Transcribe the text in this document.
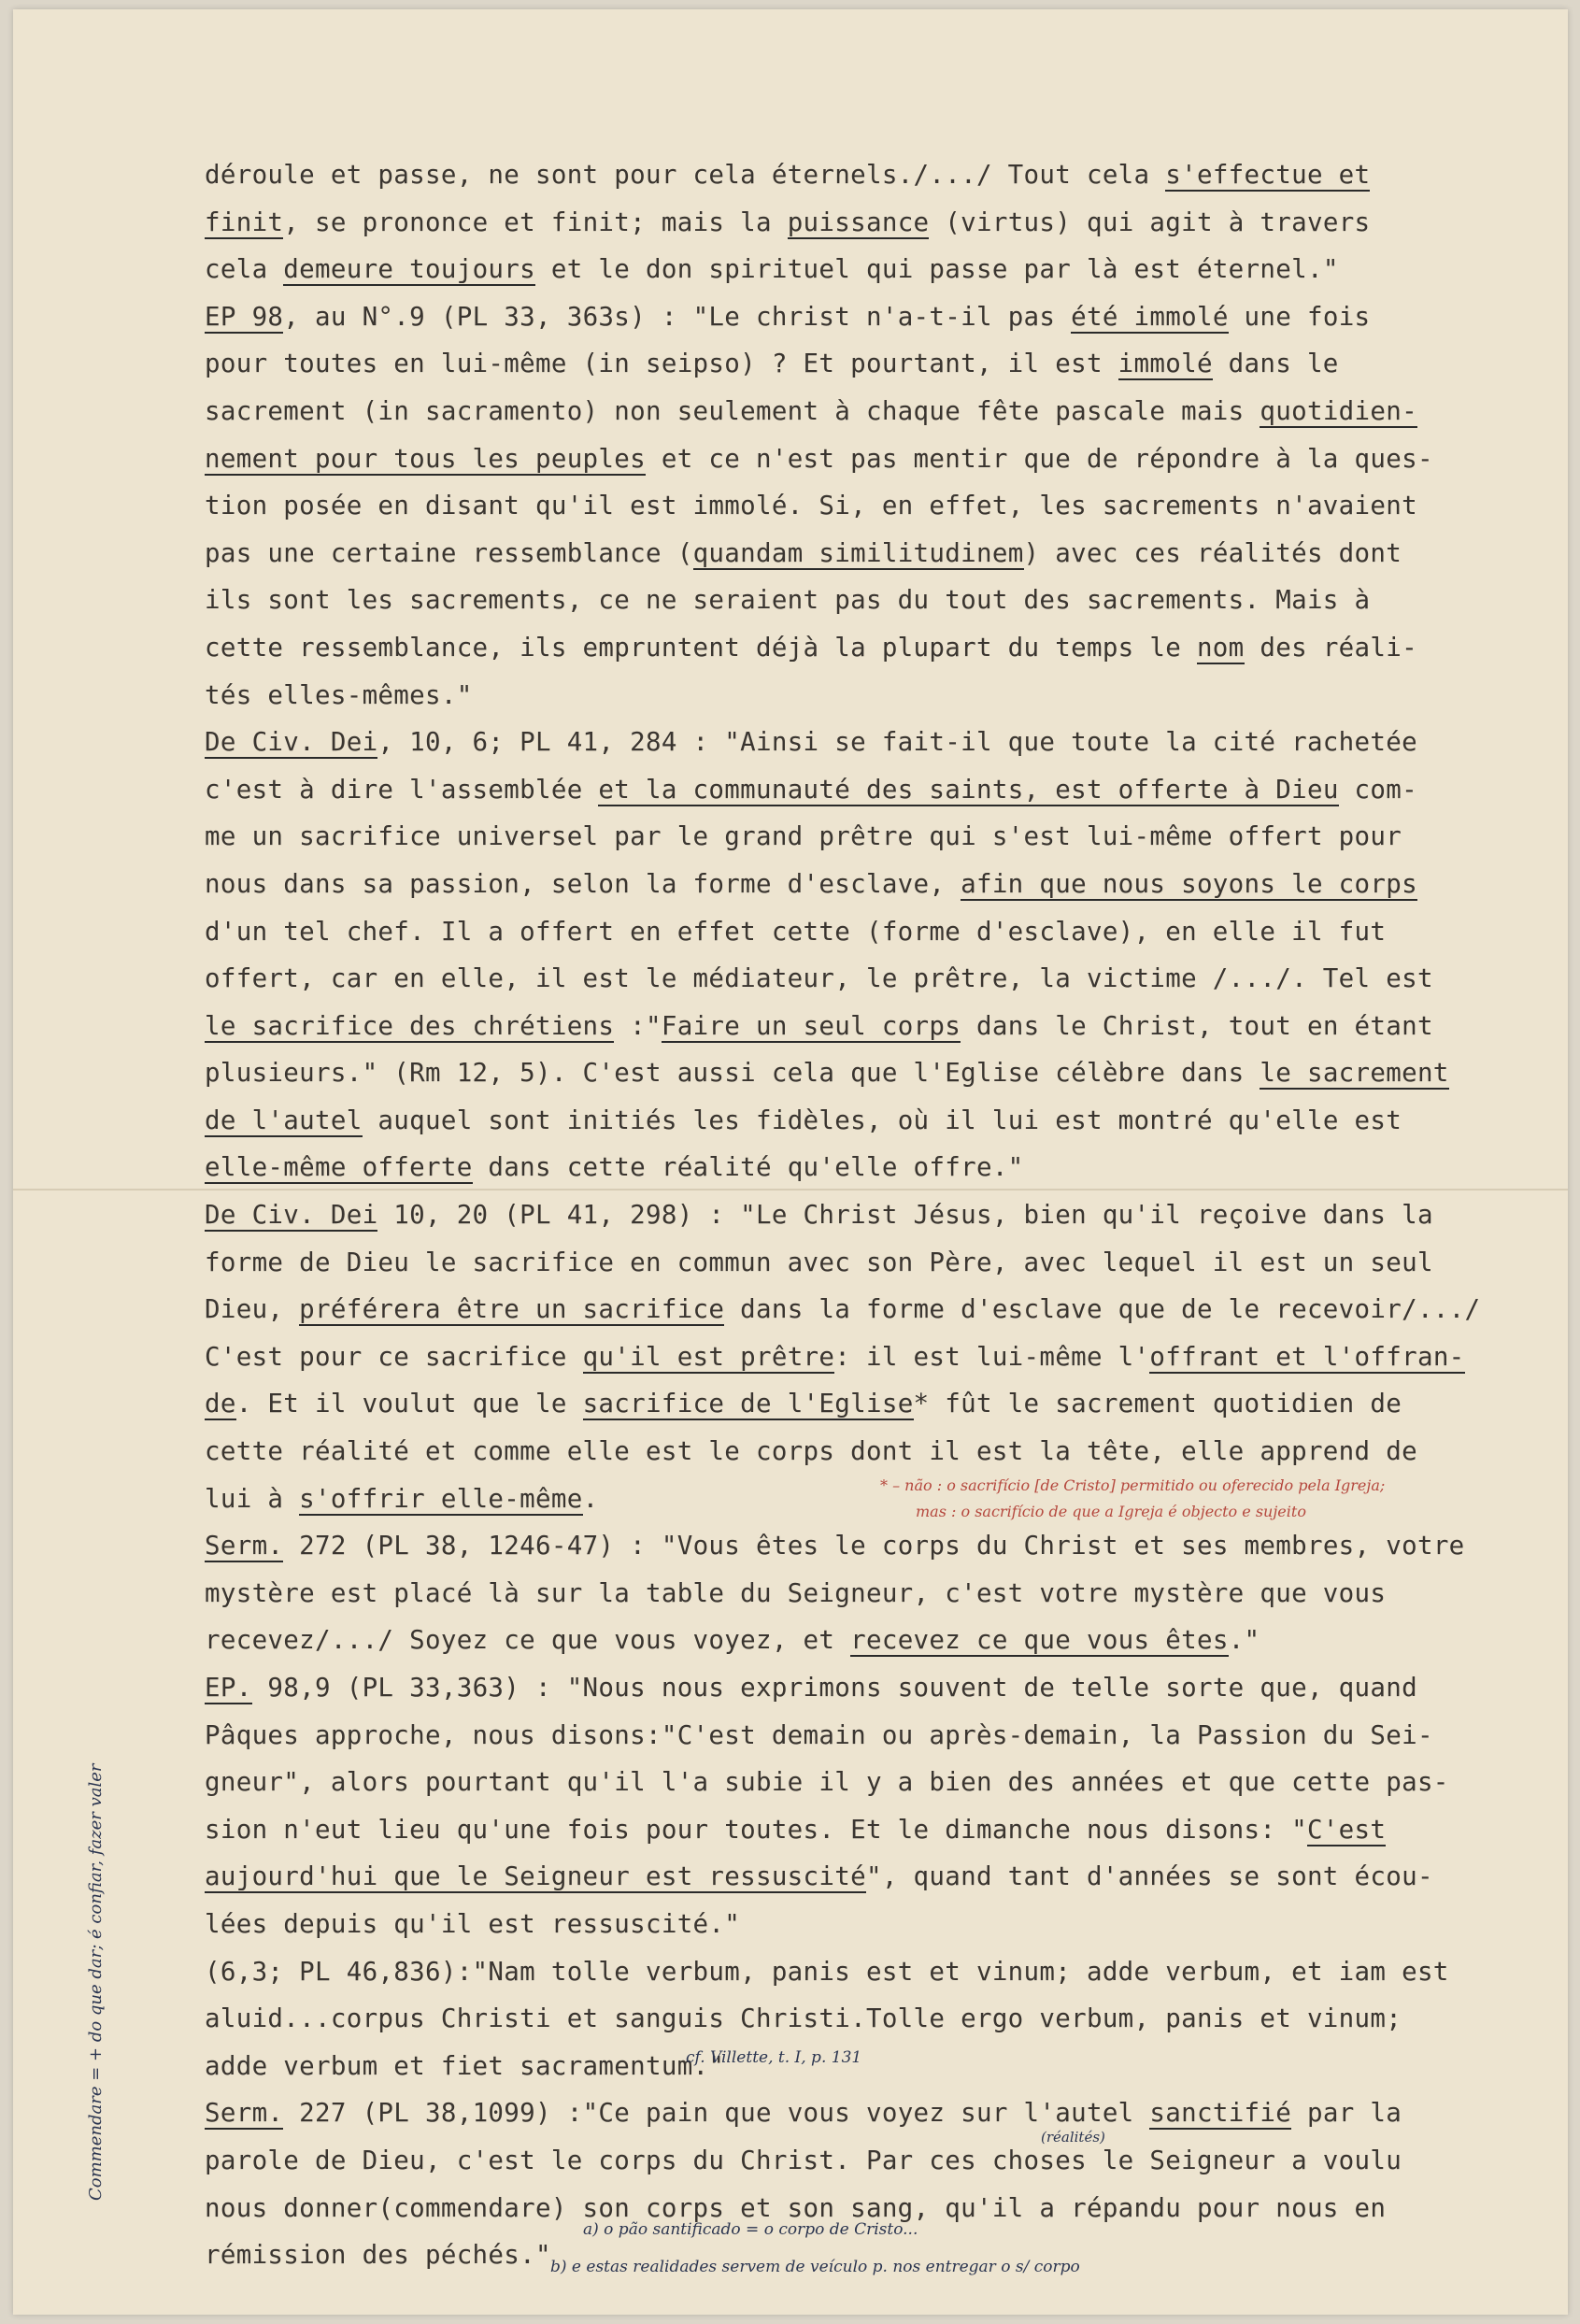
déroule et passe, ne sont pour cela éternels./.../ Tout cela s'effectue et
finit, se prononce et finit; mais la puissance (virtus) qui agit à travers
cela demeure toujours et le don spirituel qui passe par là est éternel."
EP 98, au N°.9 (PL 33, 363s) : "Le christ n'a-t-il pas été immolé une fois
pour toutes en lui-même (in seipso) ? Et pourtant, il est immolé dans le
sacrement (in sacramento) non seulement à chaque fête pascale mais quotidien-
nement pour tous les peuples et ce n'est pas mentir que de répondre à la ques-
tion posée en disant qu'il est immolé. Si, en effet, les sacrements n'avaient
pas une certaine ressemblance (quandam similitudinem) avec ces réalités dont
ils sont les sacrements, ce ne seraient pas du tout des sacrements. Mais à
cette ressemblance, ils empruntent déjà la plupart du temps le nom des réali-
tés elles-mêmes."
De Civ. Dei, 10, 6; PL 41, 284 : "Ainsi se fait-il que toute la cité rachetée
c'est à dire l'assemblée et la communauté des saints, est offerte à Dieu com-
me un sacrifice universel par le grand prêtre qui s'est lui-même offert pour
nous dans sa passion, selon la forme d'esclave, afin que nous soyons le corps
d'un tel chef. Il a offert en effet cette (forme d'esclave), en elle il fut
offert, car en elle, il est le médiateur, le prêtre, la victime /.../. Tel est
le sacrifice des chrétiens :"Faire un seul corps dans le Christ, tout en étant
plusieurs." (Rm 12, 5). C'est aussi cela que l'Eglise célèbre dans le sacrement
de l'autel auquel sont initiés les fidèles, où il lui est montré qu'elle est
elle-même offerte dans cette réalité qu'elle offre."
De Civ. Dei 10, 20 (PL 41, 298) : "Le Christ Jésus, bien qu'il reçoive dans la
forme de Dieu le sacrifice en commun avec son Père, avec lequel il est un seul
Dieu, préférera être un sacrifice dans la forme d'esclave que de le recevoir/.../
C'est pour ce sacrifice qu'il est prêtre: il est lui-même l'offrant et l'offran-
de. Et il voulut que le sacrifice de l'Eglise* fût le sacrement quotidien de
cette réalité et comme elle est le corps dont il est la tête, elle apprend de
lui à s'offrir elle-même.
Serm. 272 (PL 38, 1246-47) : "Vous êtes le corps du Christ et ses membres, votre
mystère est placé là sur la table du Seigneur, c'est votre mystère que vous
recevez/.../ Soyez ce que vous voyez, et recevez ce que vous êtes."
EP. 98,9 (PL 33,363) : "Nous nous exprimons souvent de telle sorte que, quand
Pâques approche, nous disons:"C'est demain ou après-demain, la Passion du Sei-
gneur", alors pourtant qu'il l'a subie il y a bien des années et que cette pas-
sion n'eut lieu qu'une fois pour toutes. Et le dimanche nous disons: "C'est
aujourd'hui que le Seigneur est ressuscité", quand tant d'années se sont écou-
lées depuis qu'il est ressuscité."
(6,3; PL 46,836):"Nam tolle verbum, panis est et vinum; adde verbum, et iam est
aluid...corpus Christi et sanguis Christi.Tolle ergo verbum, panis et vinum;
adde verbum et fiet sacramentum."
Serm. 227 (PL 38,1099) :"Ce pain que vous voyez sur l'autel sanctifié par la
parole de Dieu, c'est le corps du Christ. Par ces choses le Seigneur a voulu
nous donner(commendare) son corps et son sang, qu'il a répandu pour nous en
rémission des péchés."
* – não : o sacrifício [de Cristo] permitido ou oferecido pela Igreja;
mas : o sacrifício de que a Igreja é objecto e sujeito
cf. Villette, t. I, p. 131
(réalités)
a) o pão santificado = o corpo de Cristo...
b) e estas realidades servem de veículo p. nos entregar o s/ corpo
Commendare = + do que dar; é confiar, fazer valer
